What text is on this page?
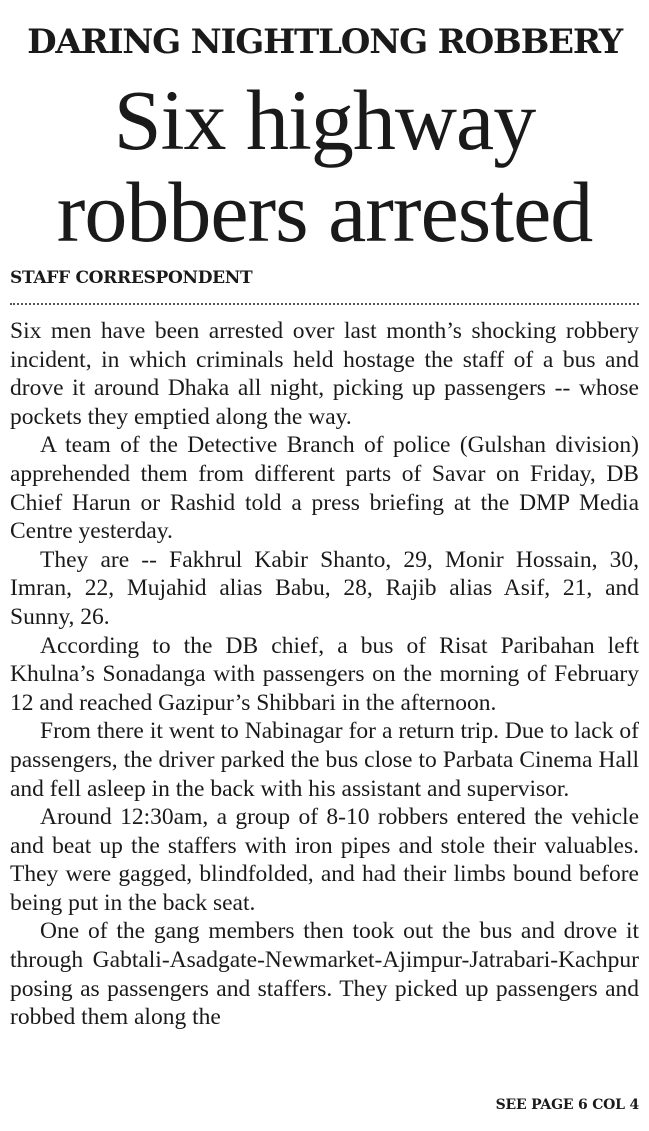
DARING NIGHTLONG ROBBERY
Six highway
robbers arrested
STAFF CORRESPONDENT

Six men have been arrested over last month’s shocking robbery incident, in which criminals held hostage the staff of a bus and drove it around Dhaka all night, picking up passengers -- whose pockets they emptied along the way.

A team of the Detective Branch of police (Gulshan division) apprehended them from different parts of Savar on Friday, DB Chief Harun or Rashid told a press briefing at the DMP Media Centre yesterday.

They are -- Fakhrul Kabir Shanto, 29, Monir Hossain, 30, Imran, 22, Mujahid alias Babu, 28, Rajib alias Asif, 21, and Sunny, 26.

According to the DB chief, a bus of Risat Paribahan left Khulna’s Sonadanga with passengers on the morning of February 12 and reached Gazipur’s Shibbari in the afternoon.

From there it went to Nabinagar for a return trip. Due to lack of passengers, the driver parked the bus close to Parbata Cinema Hall and fell asleep in the back with his assistant and supervisor.

Around 12:30am, a group of 8-10 robbers entered the vehicle and beat up the staffers with iron pipes and stole their valuables. They were gagged, blindfolded, and had their limbs bound before being put in the back seat.

One of the gang members then took out the bus and drove it through Gabtali-Asadgate-Newmarket-Ajimpur-Jatrabari-Kachpur posing as passengers and staffers. They picked up passengers and robbed them along the

SEE PAGE 6 COL 4
